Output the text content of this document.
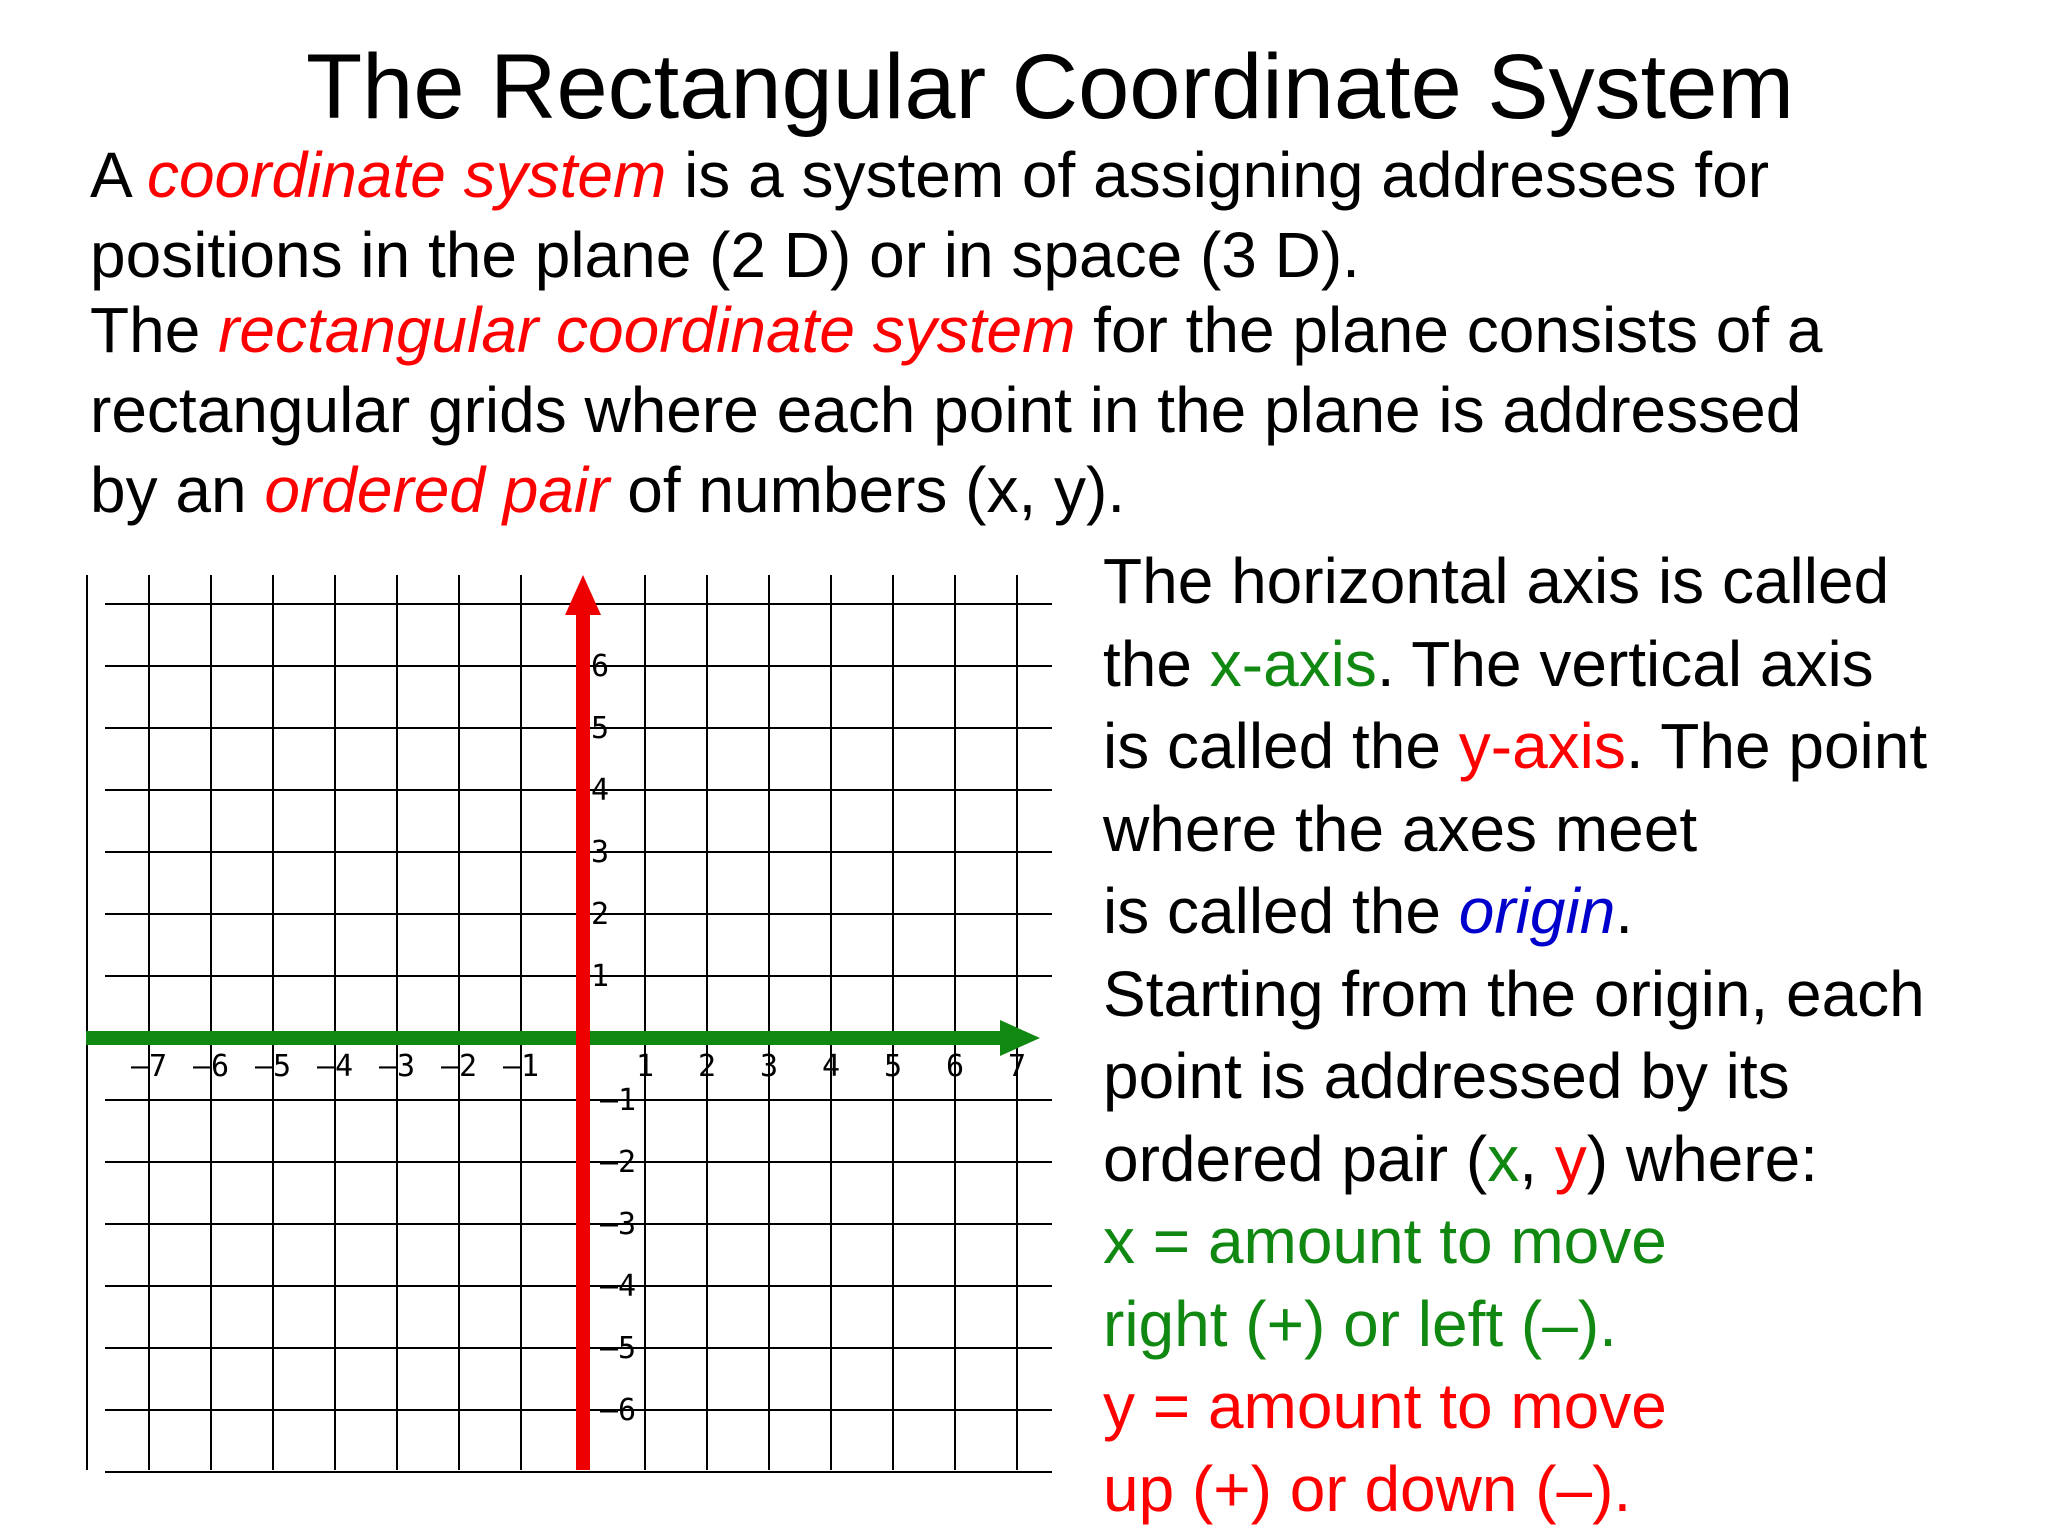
The Rectangular Coordinate System
A coordinate system is a system of assigning addresses for
positions in the plane (2 D) or in space (3 D).
The rectangular coordinate system for the plane consists of a
rectangular grids where each point in the plane is addressed
by an ordered pair of numbers (x, y).
–7 –6 –5 –4 –3 –2 –1	1 2 3 4 5 6 7
6
5
4
3
2
1
–1
–2
–3
–4
–5
–6
The horizontal axis is called
the x-axis. The vertical axis
is called the y-axis. The point
where the axes meet
is called the origin.
Starting from the origin, each
point is addressed by its
ordered pair (x, y) where:
x = amount to move
right (+) or left (–).
y = amount to move
up (+) or down (–).
